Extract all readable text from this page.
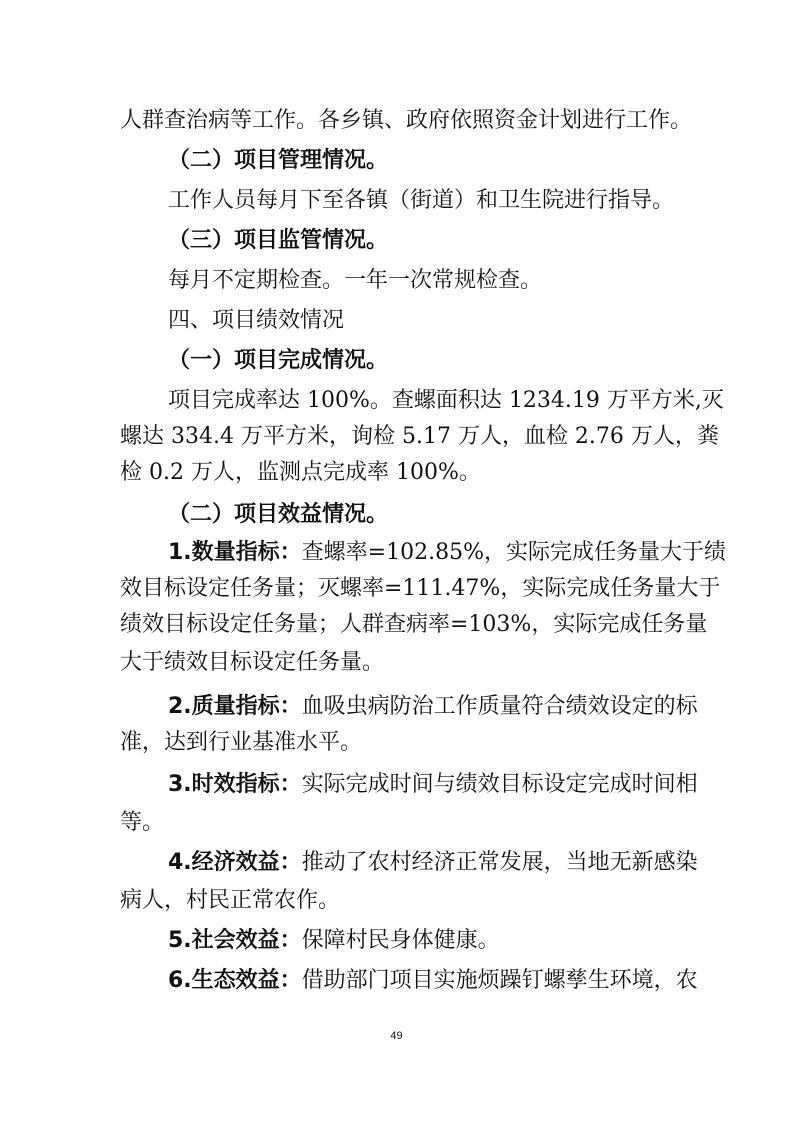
人群查治病等工作。各乡镇、政府依照资金计划进行工作。
（二）项目管理情况。
工作人员每月下至各镇（街道）和卫生院进行指导。
（三）项目监管情况。
每月不定期检查。一年一次常规检查。
四、项目绩效情况
（一）项目完成情况。
项目完成率达 100%。查螺面积达 1234.19 万平方米,灭
螺达 334.4 万平方米，询检 5.17 万人，血检 2.76 万人，粪
检 0.2 万人，监测点完成率 100%。
（二）项目效益情况。
1.数量指标：查螺率=102.85%，实际完成任务量大于绩
效目标设定任务量；灭螺率=111.47%，实际完成任务量大于
绩效目标设定任务量；人群查病率=103%，实际完成任务量
大于绩效目标设定任务量。
2.质量指标：血吸虫病防治工作质量符合绩效设定的标
准，达到行业基准水平。
3.时效指标：实际完成时间与绩效目标设定完成时间相
等。
4.经济效益：推动了农村经济正常发展，当地无新感染
病人，村民正常农作。
5.社会效益：保障村民身体健康。
6.生态效益：借助部门项目实施烦躁钉螺孳生环境，农
49
